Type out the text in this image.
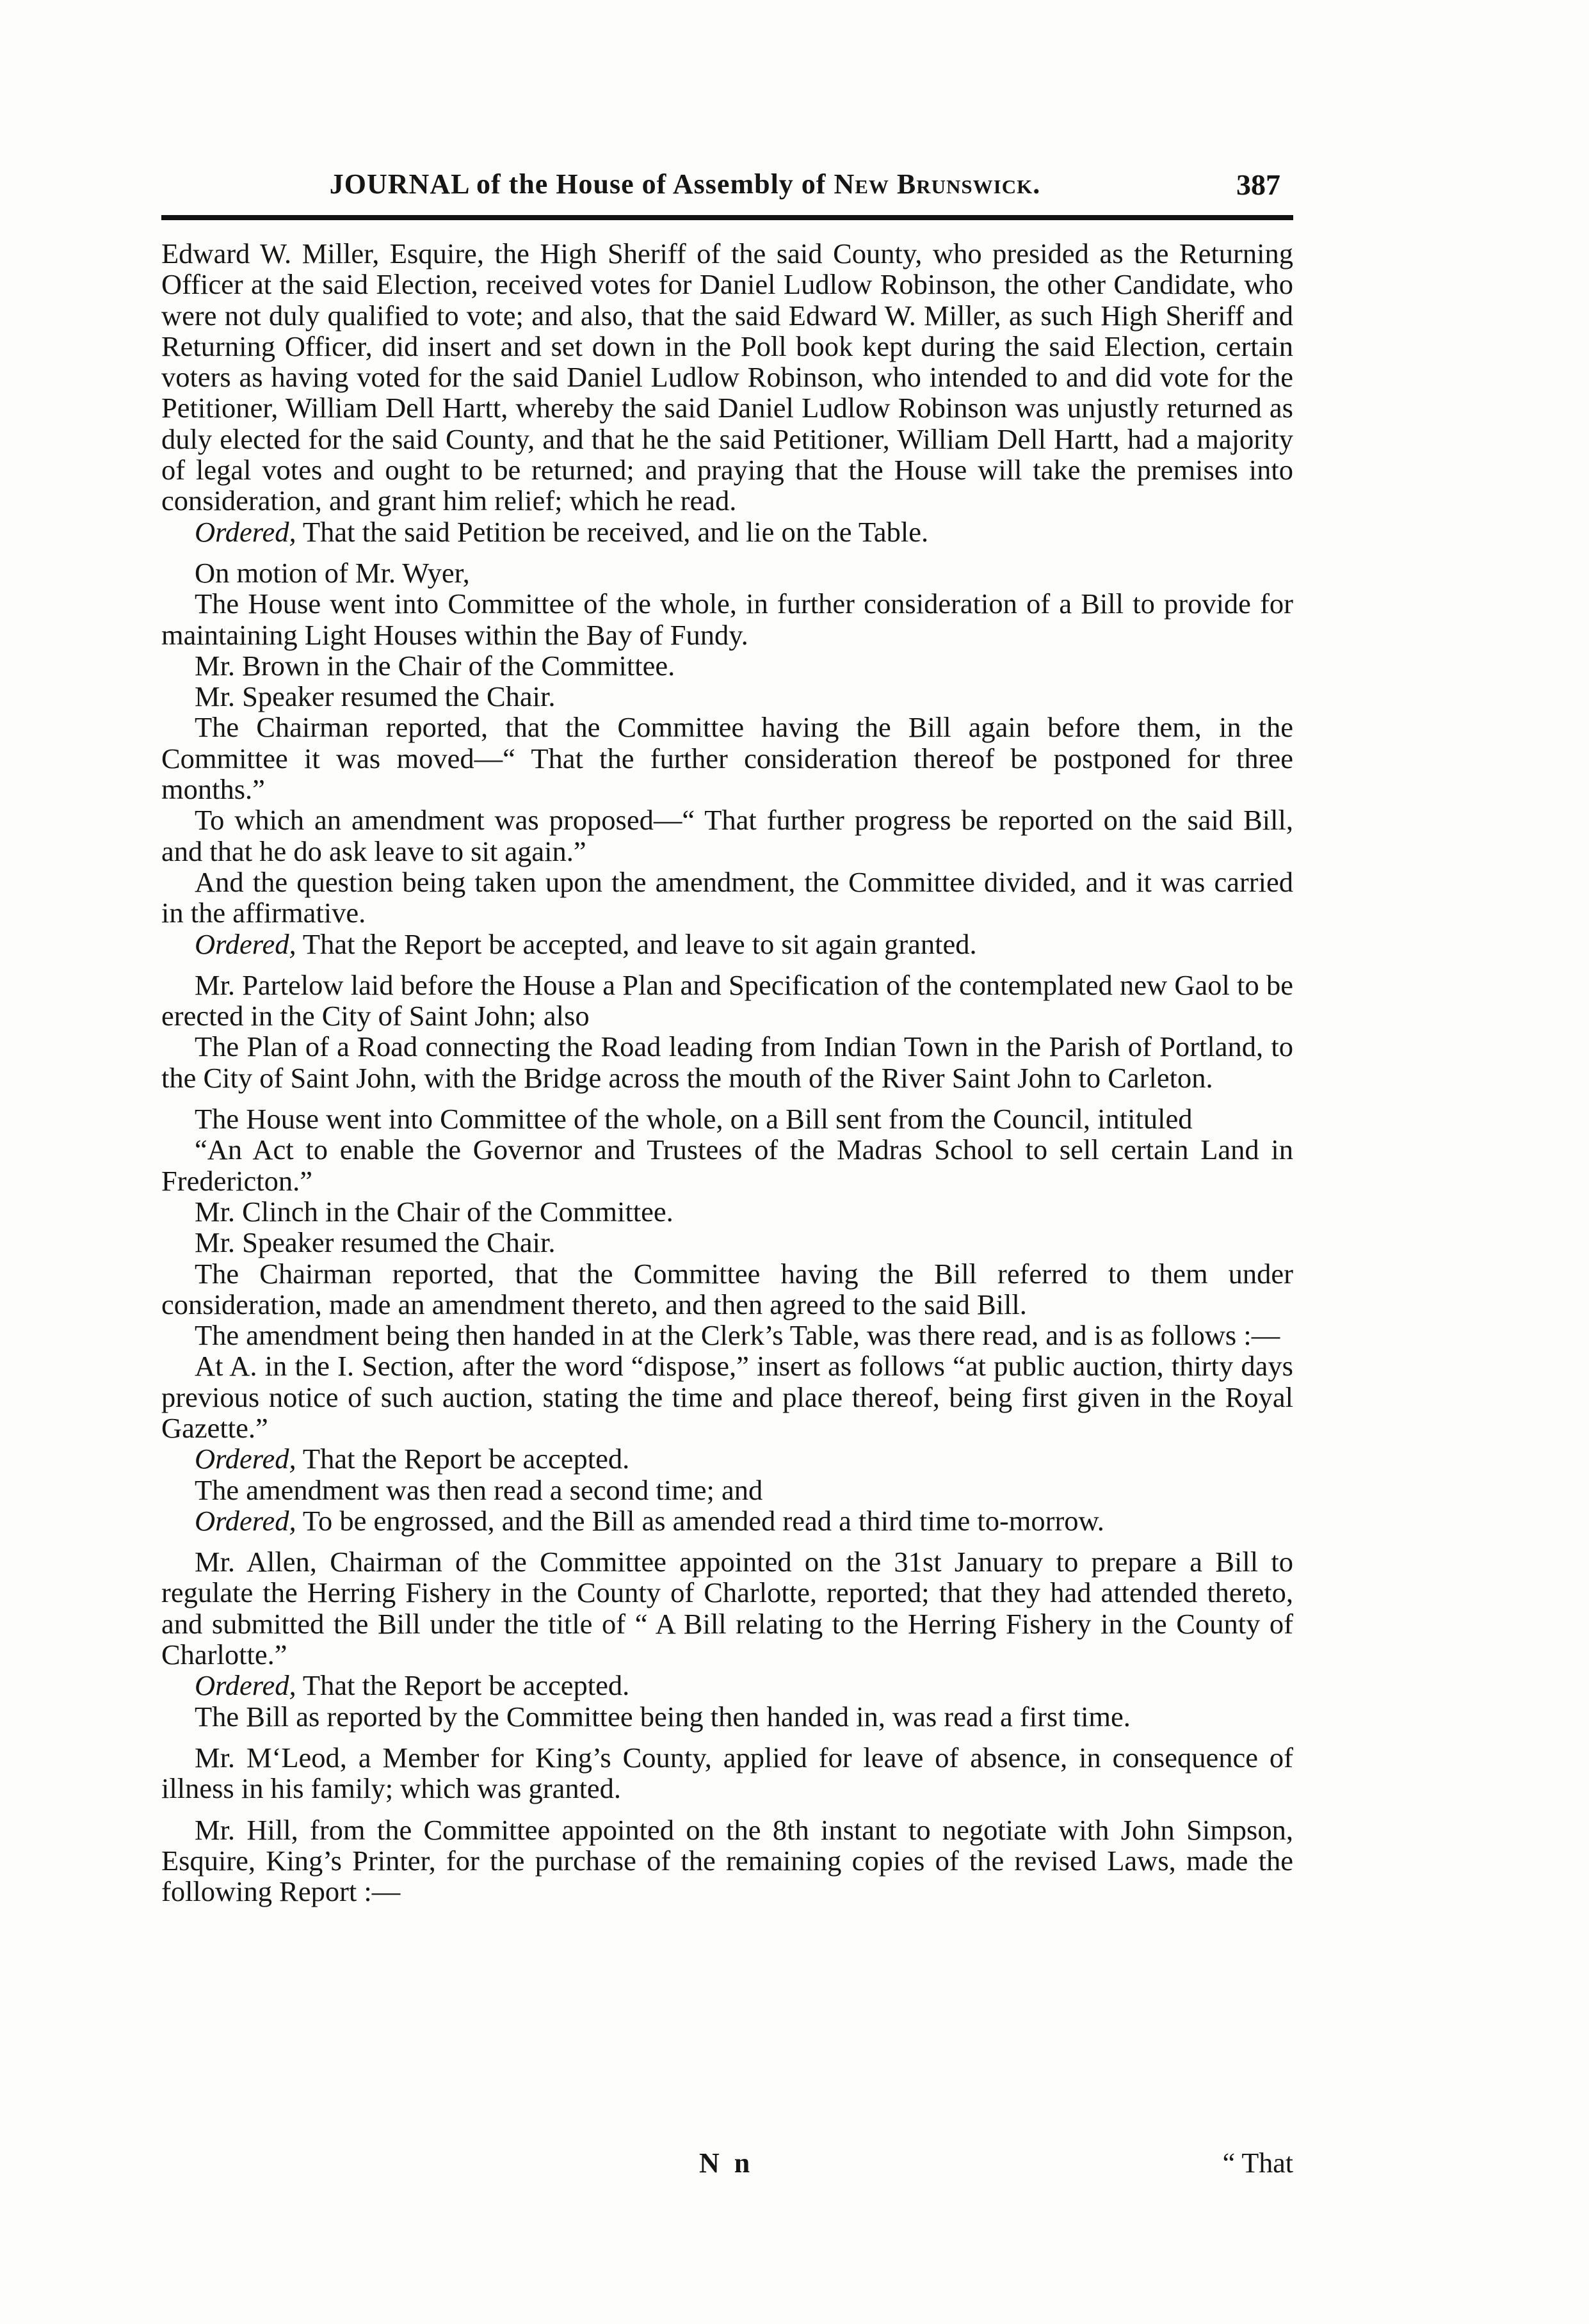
JOURNAL of the House of Assembly of New Brunswick.	387

Edward W. Miller, Esquire, the High Sheriff of the said County, who presided as the Returning Officer at the said Election, received votes for Daniel Ludlow Robinson, the other Candidate, who were not duly qualified to vote; and also, that the said Edward W. Miller, as such High Sheriff and Returning Officer, did insert and set down in the Poll book kept during the said Election, certain voters as having voted for the said Daniel Ludlow Robinson, who intended to and did vote for the Petitioner, William Dell Hartt, whereby the said Daniel Ludlow Robinson was unjustly returned as duly elected for the said County, and that he the said Petitioner, William Dell Hartt, had a majority of legal votes and ought to be returned; and praying that the House will take the premises into consideration, and grant him relief; which he read.

Ordered, That the said Petition be received, and lie on the Table.

On motion of Mr. Wyer,

The House went into Committee of the whole, in further consideration of a Bill to provide for maintaining Light Houses within the Bay of Fundy.

Mr. Brown in the Chair of the Committee.

Mr. Speaker resumed the Chair.

The Chairman reported, that the Committee having the Bill again before them, in the Committee it was moved—“ That the further consideration thereof be postponed for three months.”

To which an amendment was proposed—“ That further progress be reported on the said Bill, and that he do ask leave to sit again.”

And the question being taken upon the amendment, the Committee divided, and it was carried in the affirmative.

Ordered, That the Report be accepted, and leave to sit again granted.

Mr. Partelow laid before the House a Plan and Specification of the contemplated new Gaol to be erected in the City of Saint John; also

The Plan of a Road connecting the Road leading from Indian Town in the Parish of Portland, to the City of Saint John, with the Bridge across the mouth of the River Saint John to Carleton.

The House went into Committee of the whole, on a Bill sent from the Council, intituled

“An Act to enable the Governor and Trustees of the Madras School to sell certain Land in Fredericton.”

Mr. Clinch in the Chair of the Committee.

Mr. Speaker resumed the Chair.

The Chairman reported, that the Committee having the Bill referred to them under consideration, made an amendment thereto, and then agreed to the said Bill.

The amendment being then handed in at the Clerk’s Table, was there read, and is as follows :—

At A. in the I. Section, after the word “dispose,” insert as follows “at public auction, thirty days previous notice of such auction, stating the time and place thereof, being first given in the Royal Gazette.”

Ordered, That the Report be accepted.

The amendment was then read a second time; and

Ordered, To be engrossed, and the Bill as amended read a third time to-morrow.

Mr. Allen, Chairman of the Committee appointed on the 31st January to prepare a Bill to regulate the Herring Fishery in the County of Charlotte, reported; that they had attended thereto, and submitted the Bill under the title of “ A Bill relating to the Herring Fishery in the County of Charlotte.”

Ordered, That the Report be accepted.

The Bill as reported by the Committee being then handed in, was read a first time.

Mr. M‘Leod, a Member for King’s County, applied for leave of absence, in consequence of illness in his family; which was granted.

Mr. Hill, from the Committee appointed on the 8th instant to negotiate with John Simpson, Esquire, King’s Printer, for the purchase of the remaining copies of the revised Laws, made the following Report :—

N n	“ That
